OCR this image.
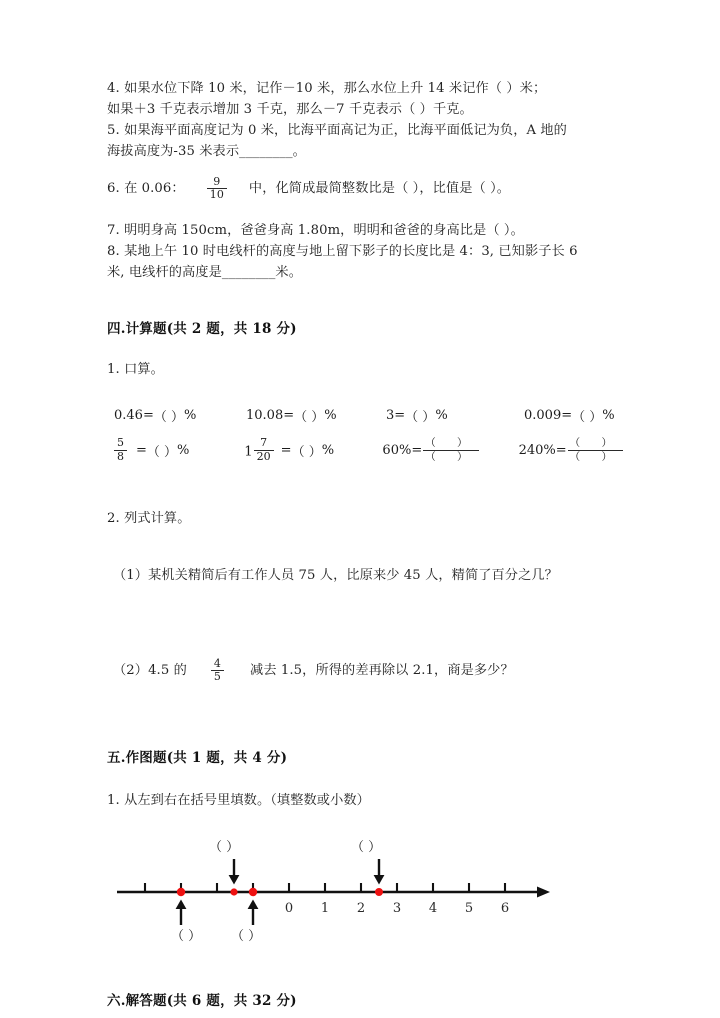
4. 如果水位下降 10 米，记作－10 米，那么水位上升 14 米记作（ ）米；
如果＋3 千克表示增加 3 千克，那么－7 千克表示（ ）千克。
5. 如果海平面高度记为 0 米，比海平面高记为正，比海平面低记为负，A 地的
海拔高度为-35 米表示________。
6. 在 0.06： $\frac{9}{10}$ 中，化简成最简整数比是（ ），比值是（ ）。
7. 明明身高 150cm，爸爸身高 1.80m，明明和爸爸的身高比是（ ）。
8. 某地上午 10 时电线杆的高度与地上留下影子的长度比是 4：3, 已知影子长 6
米, 电线杆的高度是________米。
四.计算题(共 2 题，共 18 分)
1. 口算。
0.46= （ ） %	10.08= （ ） %	3= （ ） %	0.009= （ ） %
$\frac{5}{8}$ = （ ） %	$1 \frac{7}{20}$ = （ ） %	$60\%= \frac{( )}{( )}$	$240\%= \frac{( )}{( )}$
2. 列式计算。
（1）某机关精简后有工作人员 75 人，比原来少 45 人，精简了百分之几？
（2）4.5 的 $\frac{4}{5}$ 减去 1.5，所得的差再除以 2.1，商是多少？
五.作图题(共 1 题，共 4 分)
1. 从左到右在括号里填数。（填整数或小数）
（ ）	（ ）
（ ） （ ）
0 1 2 3 4 5 6
六.解答题(共 6 题，共 32 分)
